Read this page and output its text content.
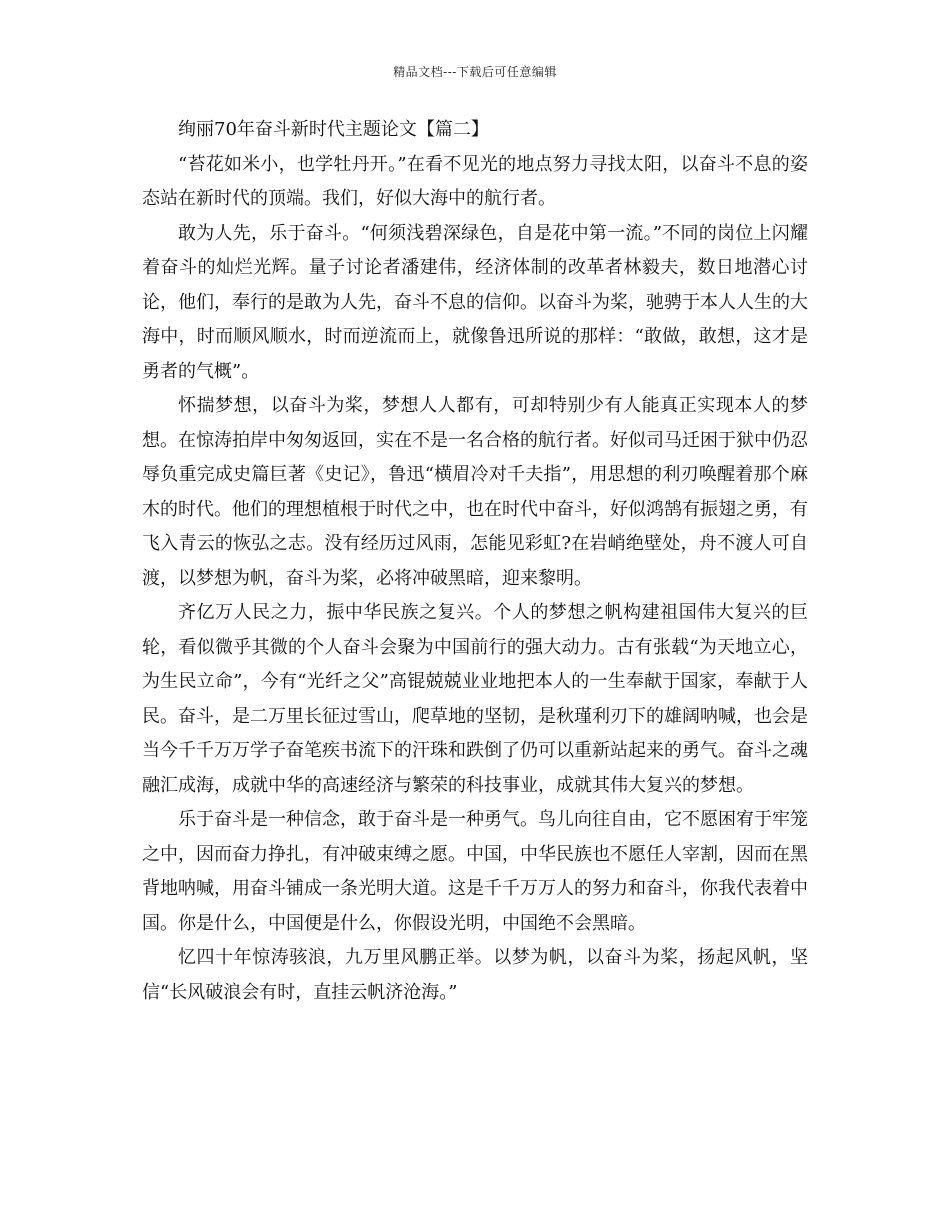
精品文档---下载后可任意编辑
绚丽70年奋斗新时代主题论文【篇二】

“苔花如米小，也学牡丹开。”在看不见光的地点努力寻找太阳，以奋斗不息的姿态站在新时代的顶端。我们，好似大海中的航行者。

敢为人先，乐于奋斗。“何须浅碧深绿色，自是花中第一流。”不同的岗位上闪耀着奋斗的灿烂光辉。量子讨论者潘建伟，经济体制的改革者林毅夫，数日地潜心讨论，他们，奉行的是敢为人先，奋斗不息的信仰。以奋斗为桨，驰骋于本人人生的大海中，时而顺风顺水，时而逆流而上，就像鲁迅所说的那样：“敢做，敢想，这才是勇者的气概”。

怀揣梦想，以奋斗为桨，梦想人人都有，可却特别少有人能真正实现本人的梦想。在惊涛拍岸中匆匆返回，实在不是一名合格的航行者。好似司马迁困于狱中仍忍辱负重完成史篇巨著《史记》，鲁迅“横眉冷对千夫指”，用思想的利刃唤醒着那个麻木的时代。他们的理想植根于时代之中，也在时代中奋斗，好似鸿鹄有振翅之勇，有飞入青云的恢弘之志。没有经历过风雨，怎能见彩虹?在岩峭绝壁处，舟不渡人可自渡，以梦想为帆，奋斗为桨，必将冲破黑暗，迎来黎明。

齐亿万人民之力，振中华民族之复兴。个人的梦想之帆构建祖国伟大复兴的巨轮，看似微乎其微的个人奋斗会聚为中国前行的强大动力。古有张载“为天地立心，为生民立命”，今有“光纤之父”高锟兢兢业业地把本人的一生奉献于国家，奉献于人民。奋斗，是二万里长征过雪山，爬草地的坚韧，是秋瑾利刃下的雄阔呐喊，也会是当今千千万万学子奋笔疾书流下的汗珠和跌倒了仍可以重新站起来的勇气。奋斗之魂融汇成海，成就中华的高速经济与繁荣的科技事业，成就其伟大复兴的梦想。

乐于奋斗是一种信念，敢于奋斗是一种勇气。鸟儿向往自由，它不愿困宥于牢笼之中，因而奋力挣扎，有冲破束缚之愿。中国，中华民族也不愿任人宰割，因而在黑背地呐喊，用奋斗铺成一条光明大道。这是千千万万人的努力和奋斗，你我代表着中国。你是什么，中国便是什么，你假设光明，中国绝不会黑暗。

忆四十年惊涛骇浪，九万里风鹏正举。以梦为帆，以奋斗为桨，扬起风帆，坚信“长风破浪会有时，直挂云帆济沧海。”
